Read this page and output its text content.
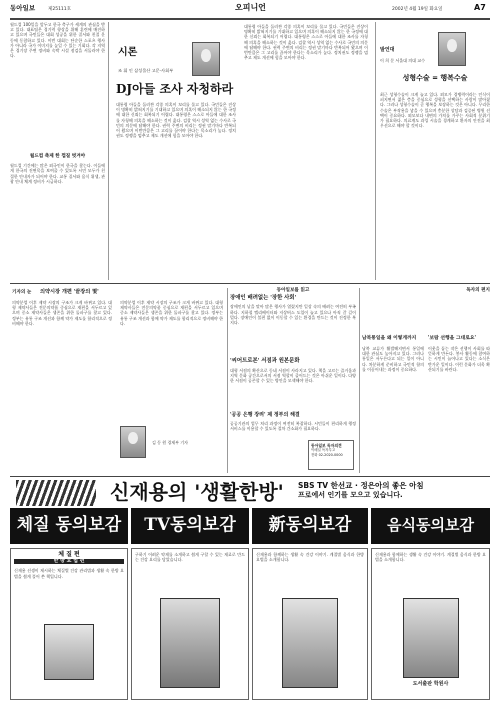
동아일보	제25111호	오피니언	2002년 4월 19일 화요일	A7
월드컵 100일을 앞두고 한국 축구가 세계의 관심을 받고 있다. 대표팀은 경기력 향상을 위해 훈련에 매진하고 있으며 국민들은 대회 성공을 위한 질서와 친절 운동에 동참하고 있다. 이번 대회는 단순한 스포츠 행사가 아니라 국가 이미지를 높일 수 있는 기회다. 각 지역은 경기장 주변 정비와 숙박 시설 점검을 서둘러야 한다.
월드컵 축제 한 껍질 벗겨야
월드컵 기간에는 많은 외국인이 한국을 찾는다. 이들에게 한국의 진면목을 보여줄 수 있도록 시민 모두가 친절한 안내자가 되어야 한다. 교통 질서와 음식 위생, 관광 안내 체계 정비가 시급하다.
시론
조 휘 인 삼성물산 고문·사회부
DJ아들 조사 자청하라
대통령 아들을 둘러싼 각종 의혹이 꼬리를 물고 있다. 국민들은 진상이 명확히 밝혀지기를 기대하고 있으며 의혹이 해소되지 않는 한 국정에 대한 신뢰는 회복되기 어렵다. 대통령은 스스로 아들에 대한 조사를 자청해 의혹을 해소하는 것이 옳다. 검찰 역시 성역 없는 수사로 국민의 의문에 답해야 한다. 권력 주변의 비리는 정권 말기마다 반복되어 왔으며 이번만큼은 그 고리를 끊어야 한다는 목소리가 높다. 정치권도 정쟁을 멈추고 제도 개선에 힘을 모아야 한다.
대통령 아들을 둘러싼 각종 의혹이 꼬리를 물고 있다. 국민들은 진상이 명확히 밝혀지기를 기대하고 있으며 의혹이 해소되지 않는 한 국정에 대한 신뢰는 회복되기 어렵다. 대통령은 스스로 아들에 대한 조사를 자청해 의혹을 해소하는 것이 옳다. 검찰 역시 성역 없는 수사로 국민의 의문에 답해야 한다. 권력 주변의 비리는 정권 말기마다 반복되어 왔으며 이번만큼은 그 고리를 끊어야 한다는 목소리가 높다. 정치권도 정쟁을 멈추고 제도 개선에 힘을 모아야 한다.
발언대
이 희 문 서울대 의대 교수
성형수술 = 행복수술
최근 성형수술이 크게 늘고 있다. 외모가 경쟁력이라는 인식이 퍼지면서 젊은 층을 중심으로 성형을 선택하는 사람이 많아졌다. 그러나 성형수술이 곧 행복을 보장하는 것은 아니다. 무리한 수술은 부작용을 낳을 수 있으며 충분한 상담과 검증된 병원 선택이 중요하다. 외모보다 내면의 가치를 가꾸는 사회적 분위기가 필요하다. 의료계도 과잉 시술을 경계하고 환자의 안전을 최우선으로 해야 할 것이다.
기자의 눈 의약시장 개편 '끝장의 몇'
의약분업 이후 제약 시장의 구조가 크게 바뀌고 있다. 대형 제약사들은 전문의약품 중심으로 재편을 서두르고 있으며 중소 제약사들은 생존을 위한 돌파구를 찾고 있다. 정부는 유통 구조 개선과 함께 약가 제도를 합리적으로 정비해야 한다.
의약분업 이후 제약 시장의 구조가 크게 바뀌고 있다. 대형 제약사들은 전문의약품 중심으로 재편을 서두르고 있으며 중소 제약사들은 생존을 위한 돌파구를 찾고 있다. 정부는 유통 구조 개선과 함께 약가 제도를 합리적으로 정비해야 한다.
김 동 원 경제부 기자
동아일보를 읽고
장애인 배려없는 '장한 사회'
장애인의 날을 맞아 많은 행사가 열렸지만 일상 속의 배려는 여전히 부족하다. 지하철 엘리베이터와 저상버스 도입이 늘고 있으나 아직 갈 길이 멀다. 장애인이 불편 없이 이동할 수 있는 환경을 만드는 것이 진정한 복지다.
'씨어트로본' 서점과 원본문화
대형 서점의 확산으로 동네 서점이 사라지고 있다. 책을 고르는 즐거움과 지역 문화 공간으로서의 서점 역할이 줄어드는 것은 아쉬운 일이다. 다양한 서점이 공존할 수 있는 방안을 모색해야 한다.
'공공 은행 장려' 제 정부의 해결
공공기관의 업무 처리 과정이 여전히 복잡하다. 시민들이 편리하게 행정 서비스를 이용할 수 있도록 절차 간소화가 필요하다.
동아일보 독자의견
이메일 독자투고
전화 02-2020-0000
독자의 편지
남북통일을 왜 이렇게까지
남북 교류가 활발해지면서 통일에 대한 관심도 높아지고 있다. 그러나 통일은 서두른다고 되는 일이 아니다. 차분하게 준비하고 국민적 합의를 이끌어내는 과정이 중요하다.
'보람 선행을 그대로요'
이웃을 돕는 작은 선행이 사회를 따뜻하게 만든다. 봉사 활동에 참여하는 시민이 늘어나고 있다는 소식은 반가운 일이다. 이런 문화가 더욱 확산되기를 바란다.
SBS TV 한선교 · 정은아의 좋은 아침
프로에서 인기를 모으고 있습니다.
신재용의 '생활한방'
체질 동의보감	TV동의보감	新동의보감	음식동의보감
체 질 편
한 방 요 법 편
신재용 선생이 제시하는 체질별 건강 관리법과 생활 속 한방 요법을 쉽게 풀어 쓴 책입니다.
구하기 어려운 약재를 소개하고 쉽게 구할 수 있는 재료로 만드는 건강 요리를 담았습니다.
신재용과 함께하는 생활 속 건강 이야기. 계절별 음식과 한방 요법을 소개합니다.
신재용과 함께하는 생활 속 건강 이야기. 계절별 음식과 한방 요법을 소개합니다.
도서출판 학원사
